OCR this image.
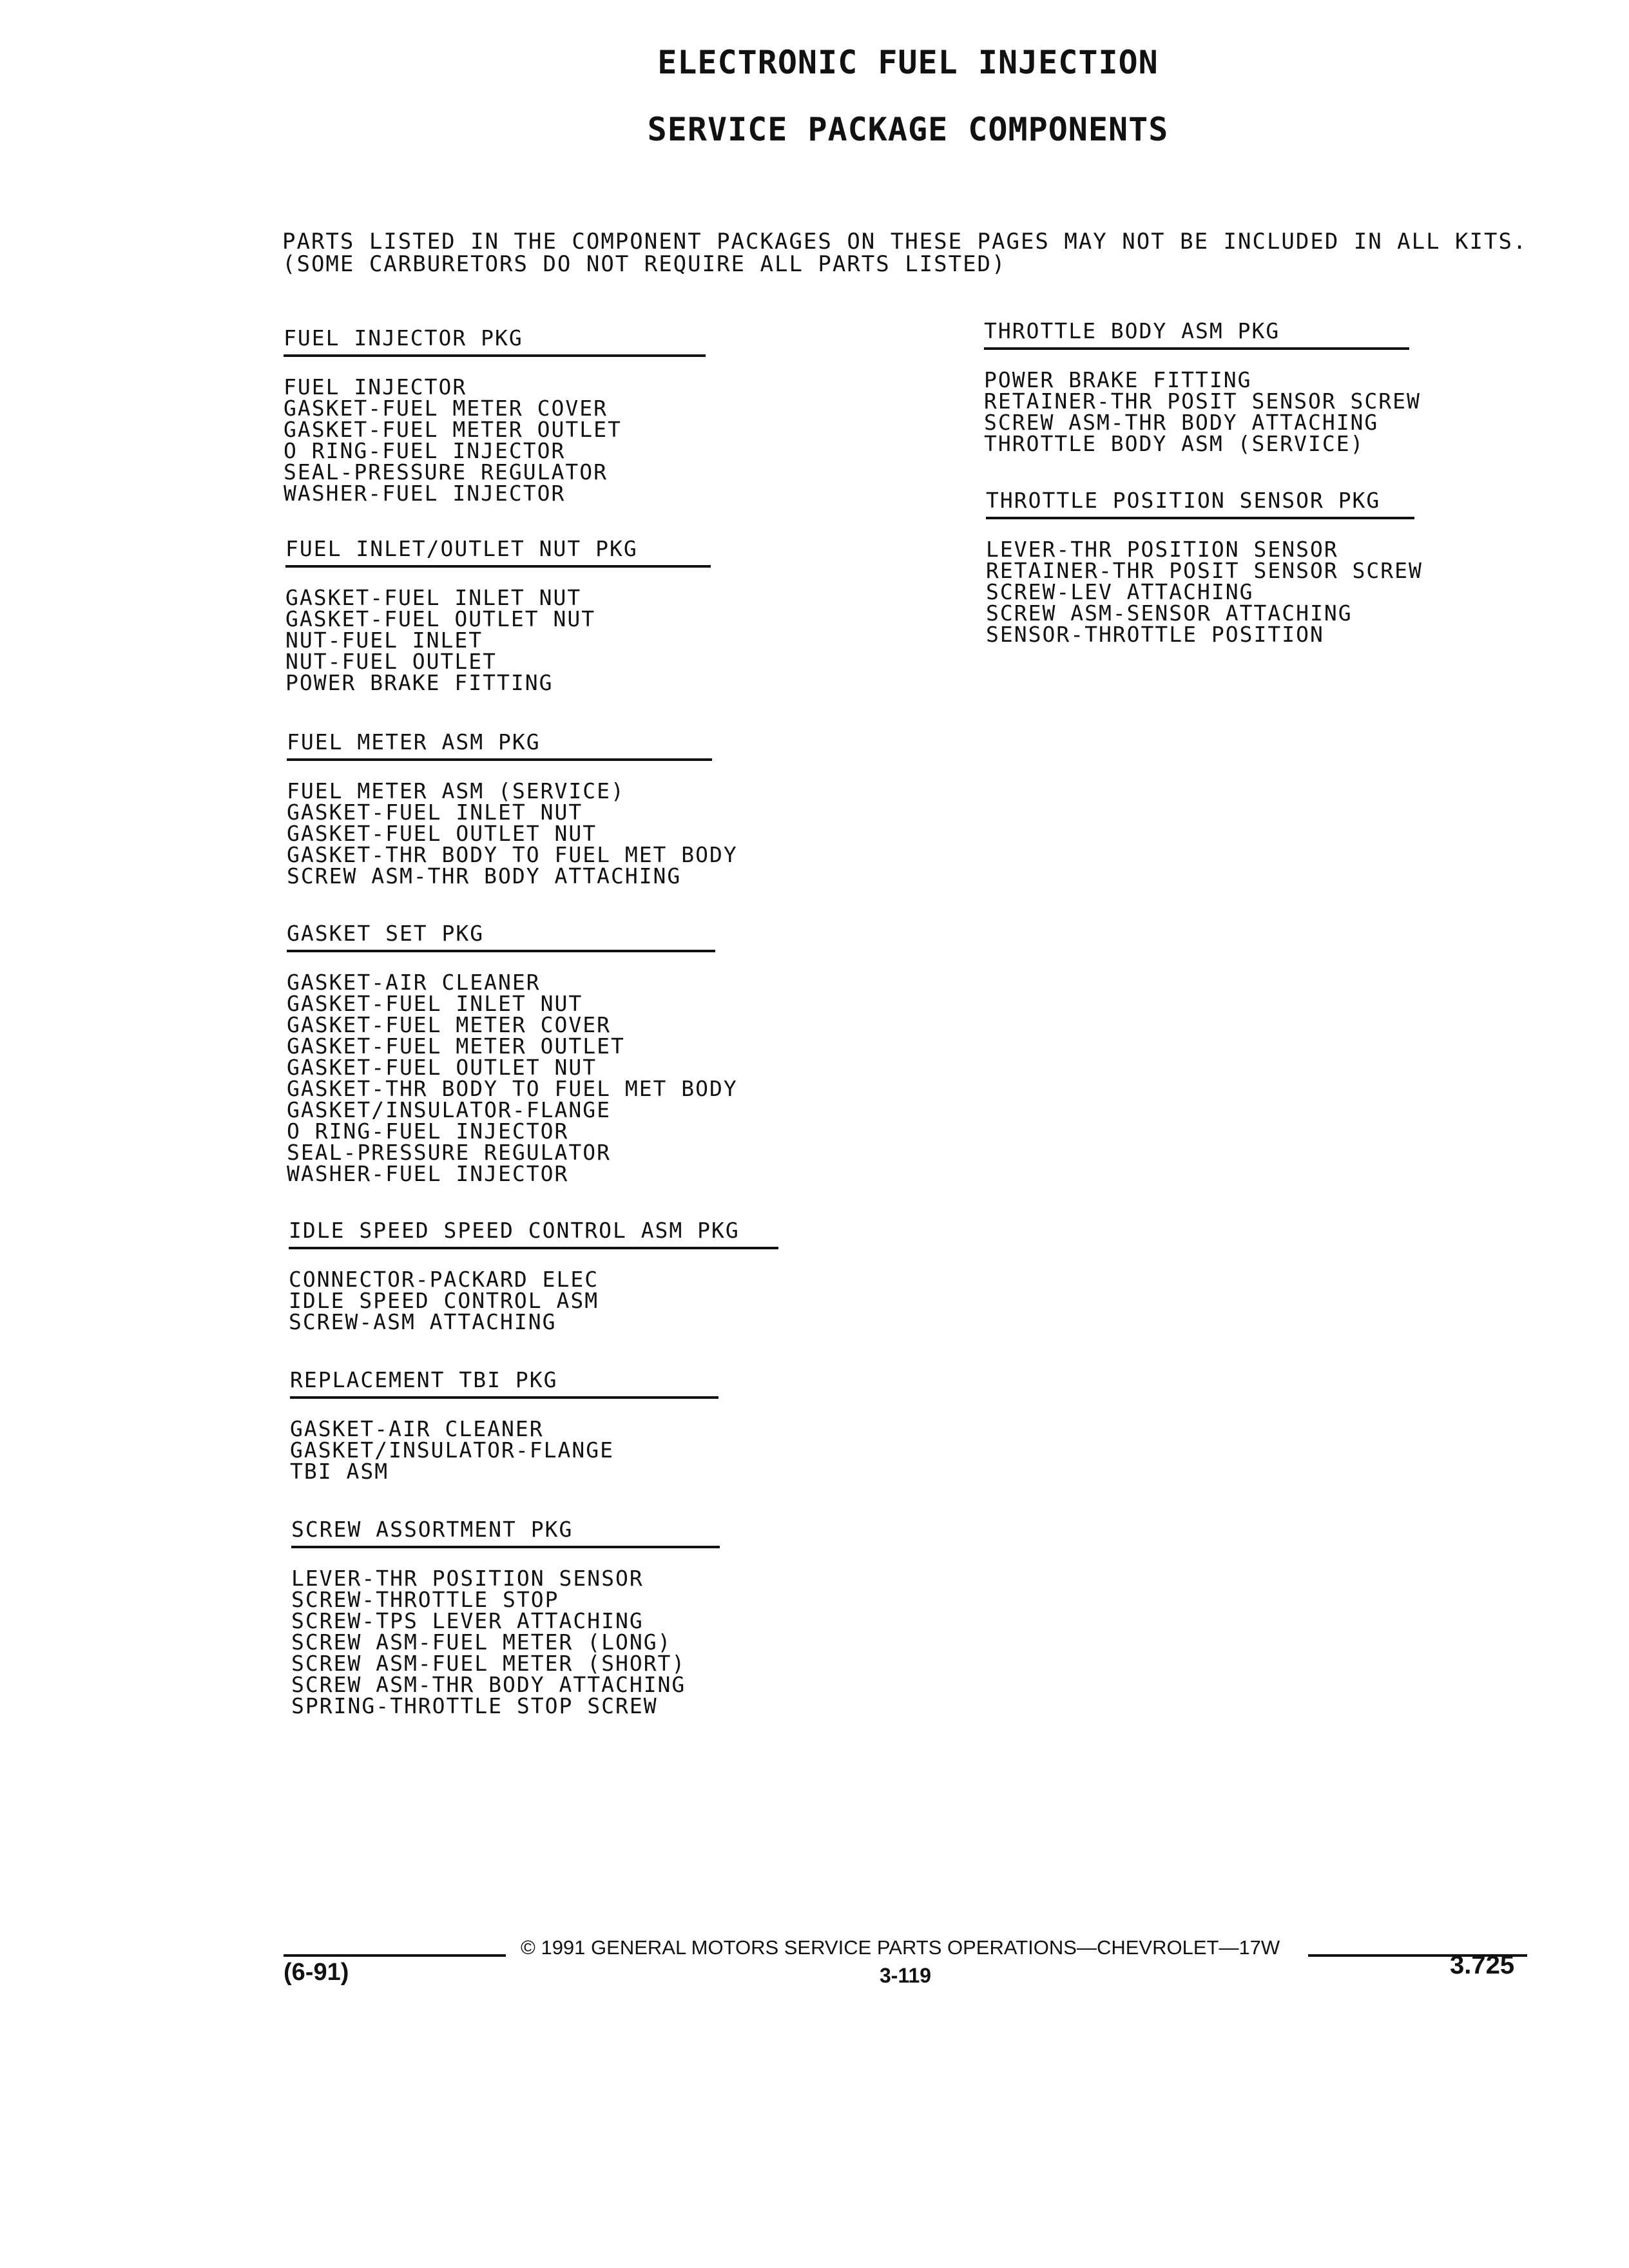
ELECTRONIC FUEL INJECTION
SERVICE PACKAGE COMPONENTS
PARTS LISTED IN THE COMPONENT PACKAGES ON THESE PAGES MAY NOT BE INCLUDED IN ALL KITS. (SOME CARBURETORS DO NOT REQUIRE ALL PARTS LISTED)
FUEL INJECTOR PKG
FUEL INJECTOR
GASKET-FUEL METER COVER
GASKET-FUEL METER OUTLET
O RING-FUEL INJECTOR
SEAL-PRESSURE REGULATOR
WASHER-FUEL INJECTOR
FUEL INLET/OUTLET NUT PKG
GASKET-FUEL INLET NUT
GASKET-FUEL OUTLET NUT
NUT-FUEL INLET
NUT-FUEL OUTLET
POWER BRAKE FITTING
FUEL METER ASM PKG
FUEL METER ASM (SERVICE)
GASKET-FUEL INLET NUT
GASKET-FUEL OUTLET NUT
GASKET-THR BODY TO FUEL MET BODY
SCREW ASM-THR BODY ATTACHING
GASKET SET PKG
GASKET-AIR CLEANER
GASKET-FUEL INLET NUT
GASKET-FUEL METER COVER
GASKET-FUEL METER OUTLET
GASKET-FUEL OUTLET NUT
GASKET-THR BODY TO FUEL MET BODY
GASKET/INSULATOR-FLANGE
O RING-FUEL INJECTOR
SEAL-PRESSURE REGULATOR
WASHER-FUEL INJECTOR
IDLE SPEED SPEED CONTROL ASM PKG
CONNECTOR-PACKARD ELEC
IDLE SPEED CONTROL ASM
SCREW-ASM ATTACHING
REPLACEMENT TBI PKG
GASKET-AIR CLEANER
GASKET/INSULATOR-FLANGE
TBI ASM
SCREW ASSORTMENT PKG
LEVER-THR POSITION SENSOR
SCREW-THROTTLE STOP
SCREW-TPS LEVER ATTACHING
SCREW ASM-FUEL METER (LONG)
SCREW ASM-FUEL METER (SHORT)
SCREW ASM-THR BODY ATTACHING
SPRING-THROTTLE STOP SCREW
THROTTLE BODY ASM PKG
POWER BRAKE FITTING
RETAINER-THR POSIT SENSOR SCREW
SCREW ASM-THR BODY ATTACHING
THROTTLE BODY ASM (SERVICE)
THROTTLE POSITION SENSOR PKG
LEVER-THR POSITION SENSOR
RETAINER-THR POSIT SENSOR SCREW
SCREW-LEV ATTACHING
SCREW ASM-SENSOR ATTACHING
SENSOR-THROTTLE POSITION
© 1991 GENERAL MOTORS SERVICE PARTS OPERATIONS—CHEVROLET—17W
(6-91)	3-119	3.725
